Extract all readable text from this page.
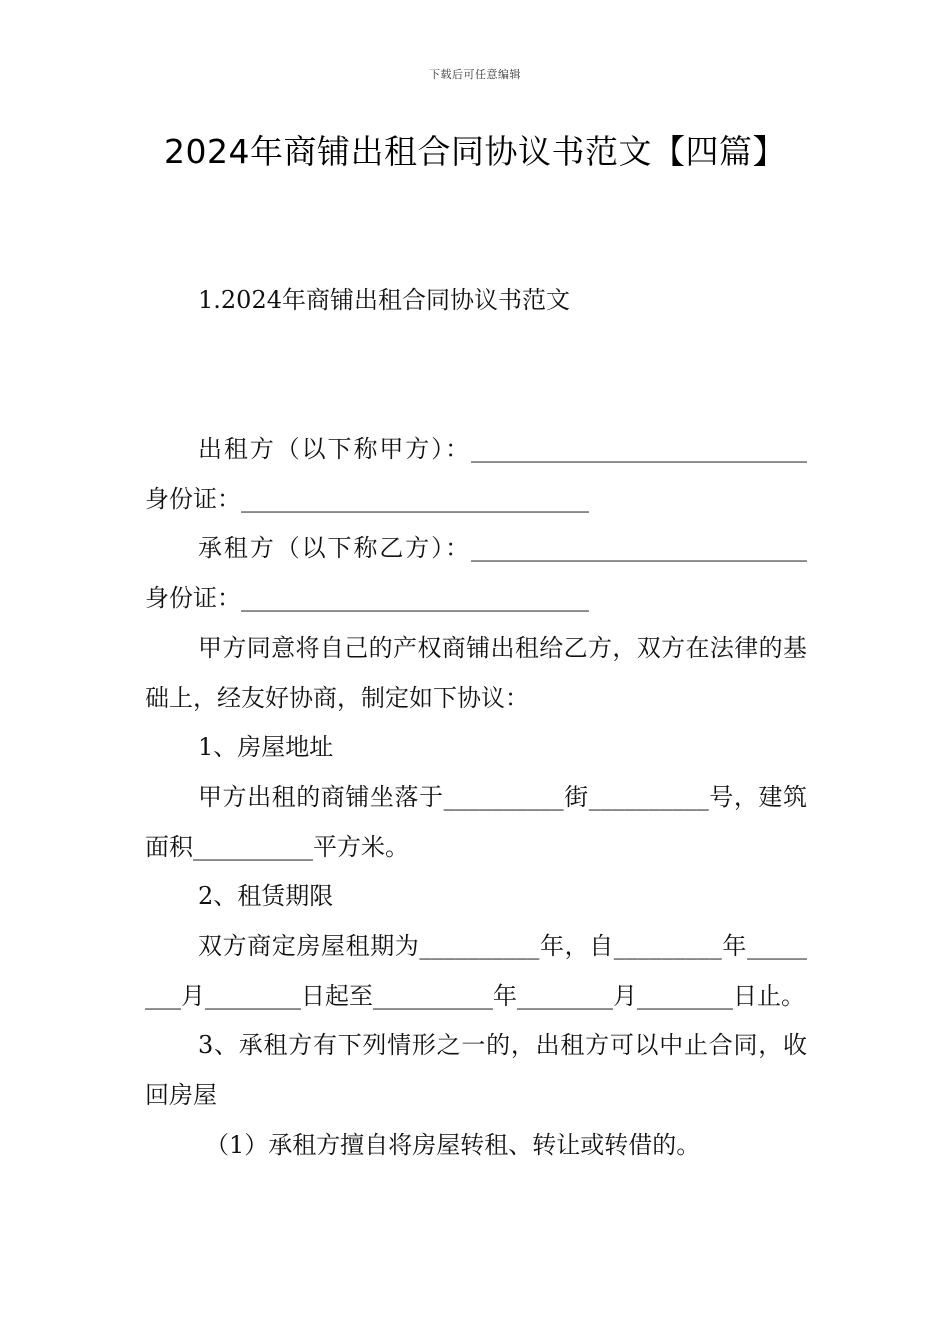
下载后可任意编辑
2024年商铺出租合同协议书范文【四篇】
1.2024年商铺出租合同协议书范文

出租方（以下称甲方）：____________________________身份证：_____________________________

承租方（以下称乙方）：____________________________身份证：_____________________________

甲方同意将自己的产权商铺出租给乙方，双方在法律的基础上，经友好协商，制定如下协议：

1、房屋地址

甲方出租的商铺坐落于__________街__________号，建筑面积__________平方米。

2、租赁期限

双方商定房屋租期为__________年，自_________年________月________日起至__________年________月________日止。

3、承租方有下列情形之一的，出租方可以中止合同，收回房屋

（1）承租方擅自将房屋转租、转让或转借的。
